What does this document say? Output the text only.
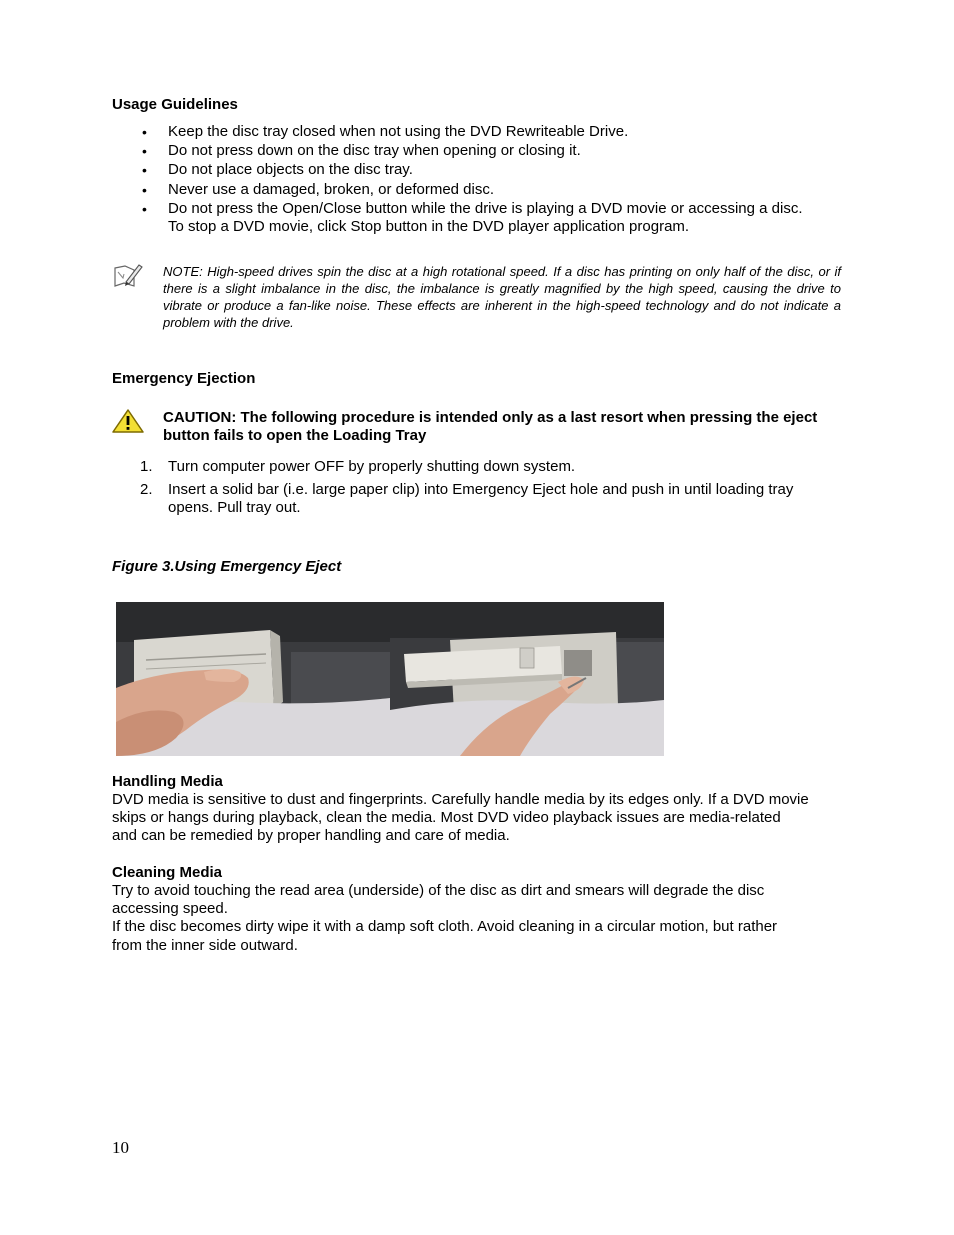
Usage Guidelines
• Keep the disc tray closed when not using the DVD Rewriteable Drive.
• Do not press down on the disc tray when opening or closing it.
• Do not place objects on the disc tray.
• Never use a damaged, broken, or deformed disc.
• Do not press the Open/Close button while the drive is playing a DVD movie or accessing a disc.
To stop a DVD movie, click Stop button in the DVD player application program.
NOTE: High-speed drives spin the disc at a high rotational speed. If a disc has printing on only half of the disc, or if there is a slight imbalance in the disc, the imbalance is greatly magnified by the high speed, causing the drive to vibrate or produce a fan-like noise. These effects are inherent in the high-speed technology and do not indicate a problem with the drive.
Emergency Ejection
CAUTION: The following procedure is intended only as a last resort when pressing the eject button fails to open the Loading Tray
1. Turn computer power OFF by properly shutting down system.
2. Insert a solid bar (i.e. large paper clip) into Emergency Eject hole and push in until loading tray
opens. Pull tray out.
Figure 3.Using Emergency Eject
Handling Media
DVD media is sensitive to dust and fingerprints. Carefully handle media by its edges only. If a DVD movie
skips or hangs during playback, clean the media. Most DVD video playback issues are media-related
and can be remedied by proper handling and care of media.
Cleaning Media
Try to avoid touching the read area (underside) of the disc as dirt and smears will degrade the disc
accessing speed.
If the disc becomes dirty wipe it with a damp soft cloth. Avoid cleaning in a circular motion, but rather
from the inner side outward.
10
